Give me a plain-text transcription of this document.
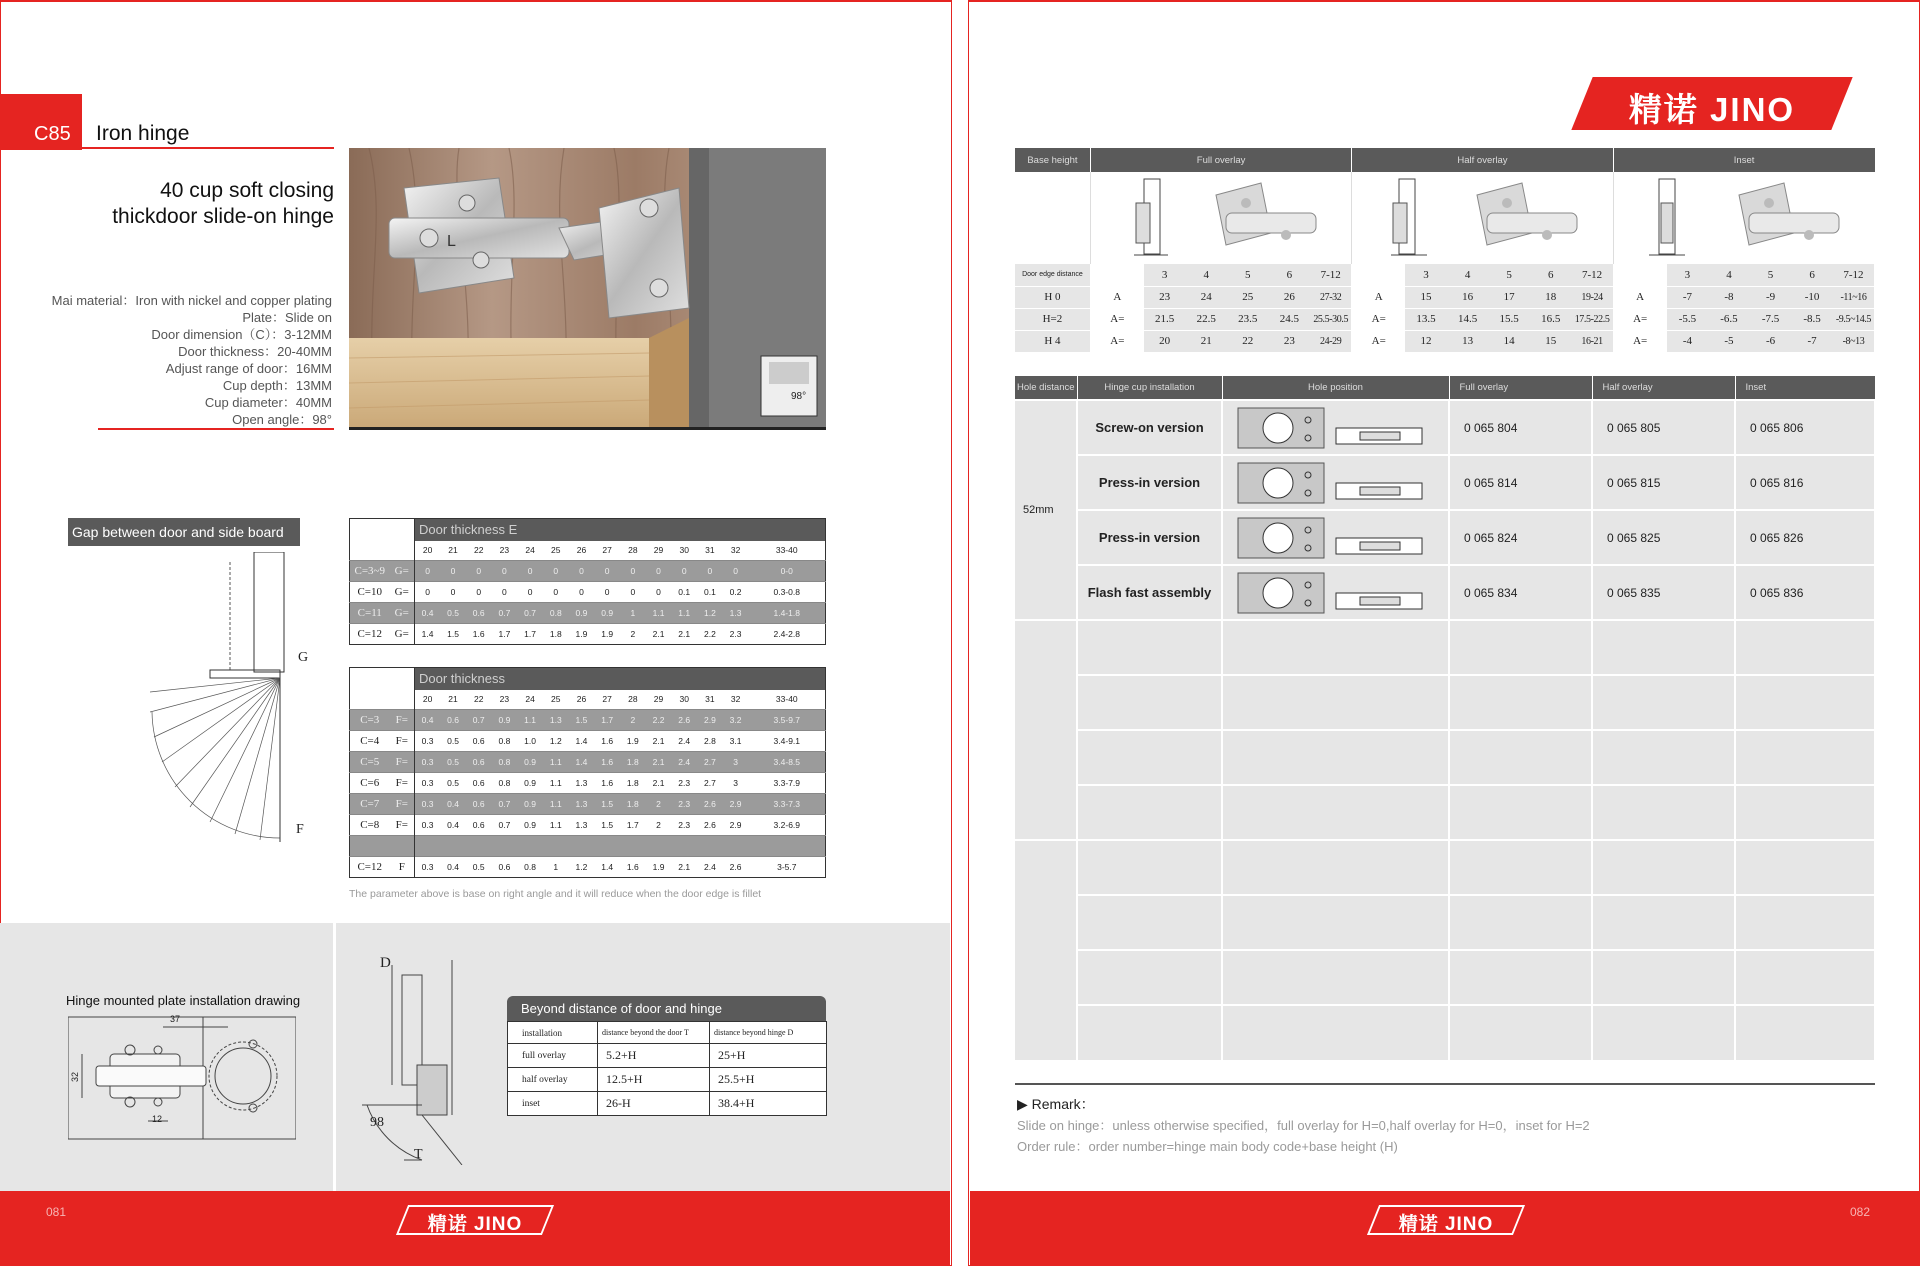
C85	Iron hinge
40 cup soft closing
thickdoor slide-on hinge
Mai material：Iron with nickel and copper plating
Plate：Slide on
Door dimension（C）：3-12MM
Door thickness：20-40MM
Adjust range of door：16MM
Cup depth：13MM
Cup diameter：40MM
Open angle：98°
L
98°
Gap between door and side board
G
F
		Door thickness E													
		20	21	22	23	24	25	26	27	28	29	30	31	32	33-40
C=3~9	G=	0	0	0	0	0	0	0	0	0	0	0	0	0	0-0
C=10	G=	0	0	0	0	0	0	0	0	0	0	0.1	0.1	0.2	0.3-0.8
C=11	G=	0.4	0.5	0.6	0.7	0.7	0.8	0.9	0.9	1	1.1	1.1	1.2	1.3	1.4-1.8
C=12	G=	1.4	1.5	1.6	1.7	1.7	1.8	1.9	1.9	2	2.1	2.1	2.2	2.3	2.4-2.8
		Door thickness													
		20	21	22	23	24	25	26	27	28	29	30	31	32	33-40
C=3	F=	0.4	0.6	0.7	0.9	1.1	1.3	1.5	1.7	2	2.2	2.6	2.9	3.2	3.5-9.7
C=4	F=	0.3	0.5	0.6	0.8	1.0	1.2	1.4	1.6	1.9	2.1	2.4	2.8	3.1	3.4-9.1
C=5	F=	0.3	0.5	0.6	0.8	0.9	1.1	1.4	1.6	1.8	2.1	2.4	2.7	3	3.4-8.5
C=6	F=	0.3	0.5	0.6	0.8	0.9	1.1	1.3	1.6	1.8	2.1	2.3	2.7	3	3.3-7.9
C=7	F=	0.3	0.4	0.6	0.7	0.9	1.1	1.3	1.5	1.8	2	2.3	2.6	2.9	3.3-7.3
C=8	F=	0.3	0.4	0.6	0.7	0.9	1.1	1.3	1.5	1.7	2	2.3	2.6	2.9	3.2-6.9

C=12	F	0.3	0.4	0.5	0.6	0.8	1	1.2	1.4	1.6	1.9	2.1	2.4	2.6	3-5.7
The parameter above is base on right angle and it will reduce when the door edge is fillet
Hinge mounted plate installation drawing
37
32
12
D
98
T
Beyond distance of door and hinge
installation	distance beyond the door T	distance beyond hinge D
full overlay	5.2+H	25+H
half overlay	12.5+H	25.5+H
inset	26-H	38.4+H
081
精诺 JINO
精诺 JINO
Base height	Full overlay						Half overlay						Inset					

Door edge distance		3	4	5	6	7-12		3	4	5	6	7-12		3	4	5	6	7-12
H 0	A	23	24	25	26	27-32	A	15	16	17	18	19-24	A	-7	-8	-9	-10	-11~16
H=2	A=	21.5	22.5	23.5	24.5	25.5-30.5	A=	13.5	14.5	15.5	16.5	17.5-22.5	A=	-5.5	-6.5	-7.5	-8.5	-9.5~14.5
H 4	A=	20	21	22	23	24-29	A=	12	13	14	15	16-21	A=	-4	-5	-6	-7	-8~13
Hole distance	Hinge cup installation	Hole position	Full overlay	Half overlay	Inset
52mm	Screw-on version		0 065 804	0 065 805	0 065 806
	Press-in version		0 065 814	0 065 815	0 065 816
	Press-in version		0 065 824	0 065 825	0 065 826
	Flash fast assembly		0 065 834	0 065 835	0 065 836

▶ Remark：
Slide on hinge：unless otherwise specified，full overlay for H=0,half overlay for H=0，inset for H=2
Order rule：order number=hinge main body code+base height (H)
精诺 JINO
082
